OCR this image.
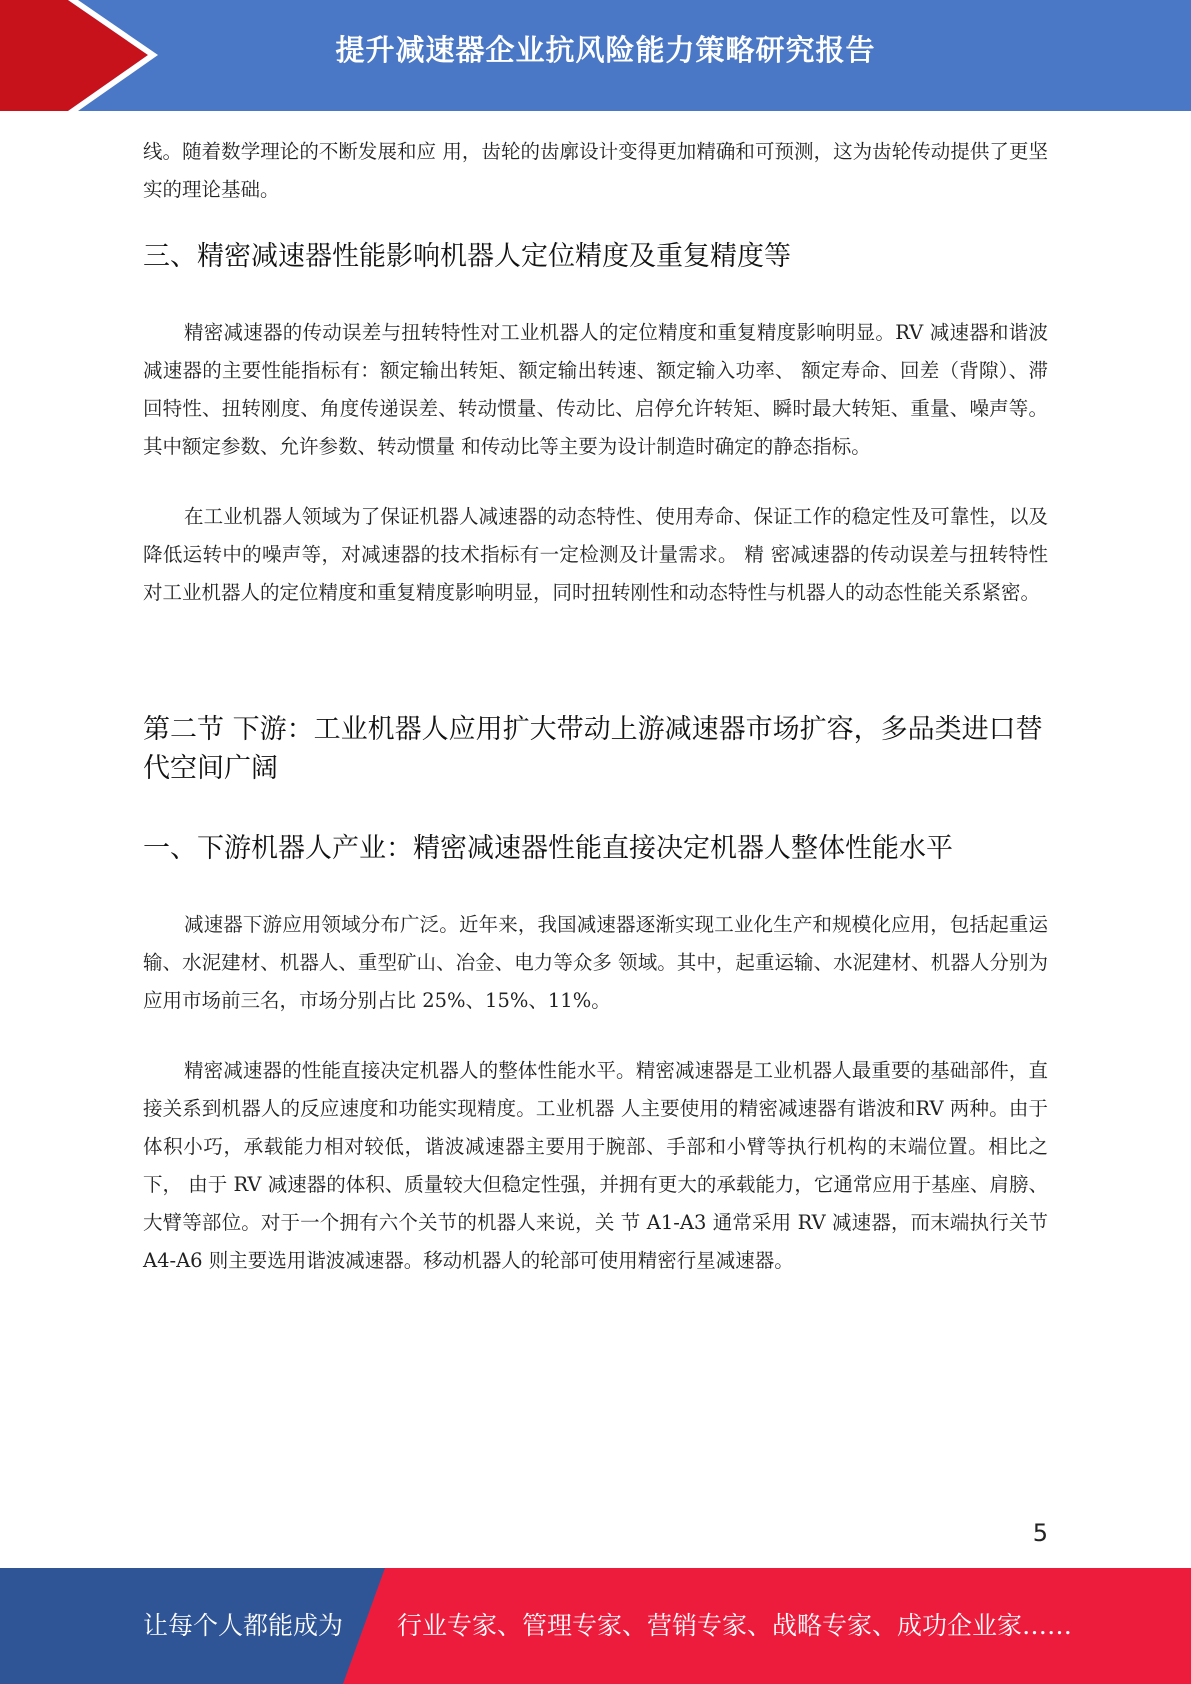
提升减速器企业抗风险能力策略研究报告

线。随着数学理论的不断发展和应 用，齿轮的齿廓设计变得更加精确和可预测，这为齿轮传动提供了更坚实的理论基础。

三、精密减速器性能影响机器人定位精度及重复精度等

精密减速器的传动误差与扭转特性对工业机器人的定位精度和重复精度影响明显。RV 减速器和谐波减速器的主要性能指标有：额定输出转矩、额定输出转速、额定输入功率、 额定寿命、回差（背隙）、滞回特性、扭转刚度、角度传递误差、转动惯量、传动比、启停允许转矩、瞬时最大转矩、重量、噪声等。其中额定参数、允许参数、转动惯量 和传动比等主要为设计制造时确定的静态指标。

在工业机器人领域为了保证机器人减速器的动态特性、使用寿命、保证工作的稳定性及可靠性，以及降低运转中的噪声等，对减速器的技术指标有一定检测及计量需求。 精 密减速器的传动误差与扭转特性对工业机器人的定位精度和重复精度影响明显，同时扭转刚性和动态特性与机器人的动态性能关系紧密。

第二节 下游：工业机器人应用扩大带动上游减速器市场扩容，多品类进口替代空间广阔
一、下游机器人产业：精密减速器性能直接决定机器人整体性能水平

减速器下游应用领域分布广泛。近年来，我国减速器逐渐实现工业化生产和规模化应用，包括起重运输、水泥建材、机器人、重型矿山、冶金、电力等众多 领域。其中，起重运输、水泥建材、机器人分别为应用市场前三名，市场分别占比 25%、15%、11%。

精密减速器的性能直接决定机器人的整体性能水平。精密减速器是工业机器人最重要的基础部件，直接关系到机器人的反应速度和功能实现精度。工业机器 人主要使用的精密减速器有谐波和RV 两种。由于体积小巧，承载能力相对较低，谐波减速器主要用于腕部、手部和小臂等执行机构的末端位置。相比之下， 由于 RV 减速器的体积、质量较大但稳定性强，并拥有更大的承载能力，它通常应用于基座、肩膀、大臂等部位。对于一个拥有六个关节的机器人来说，关 节 A1-A3 通常采用 RV 减速器，而末端执行关节 A4-A6 则主要选用谐波减速器。移动机器人的轮部可使用精密行星减速器。

5
让每个人都能成为 行业专家、管理专家、营销专家、战略专家、成功企业家……
